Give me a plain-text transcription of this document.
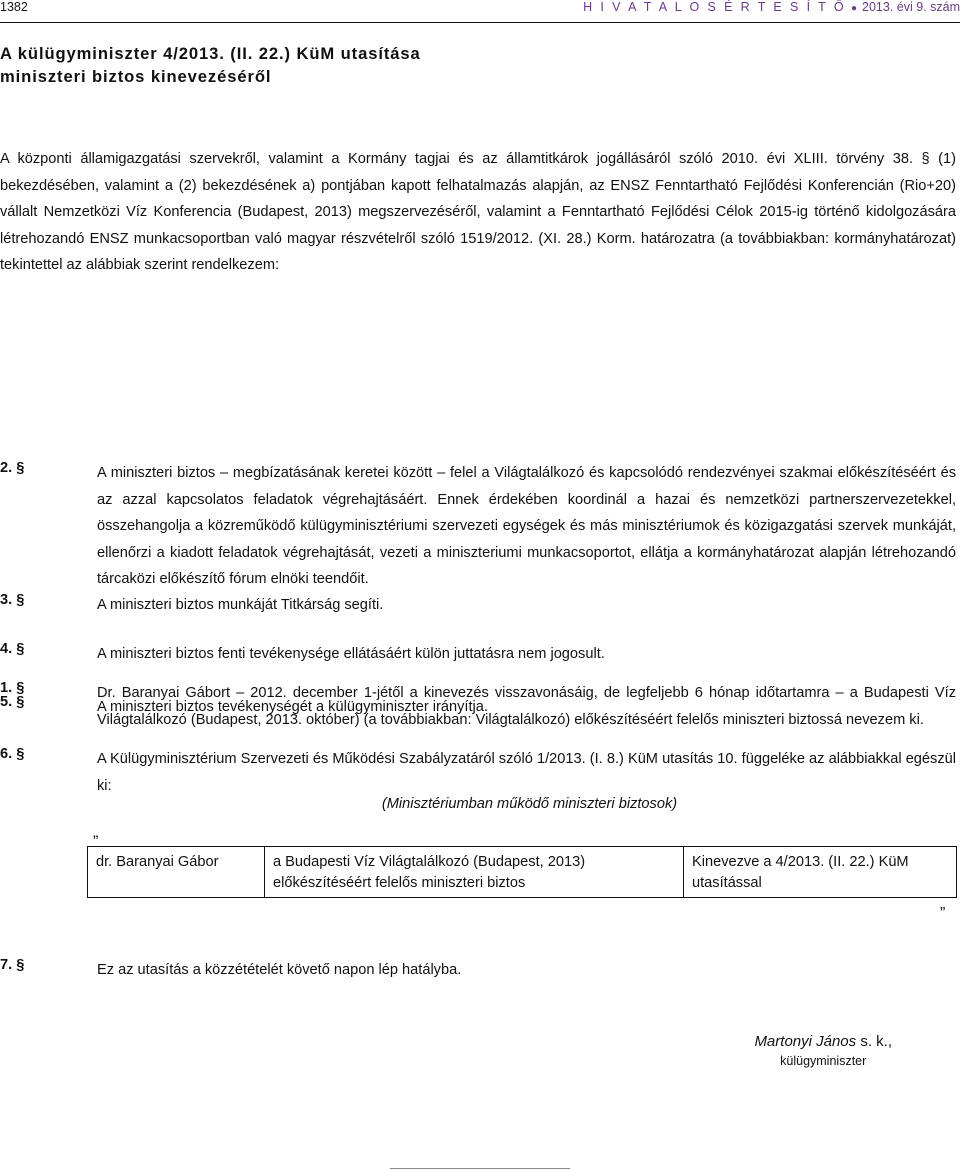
1382	H I V A T A L O S É R T E S Í T Ő ● 2013. évi 9. szám
A külügyminiszter 4/2013. (II. 22.) KüM utasítása
miniszteri biztos kinevezéséről
A központi államigazgatási szervekről, valamint a Kormány tagjai és az államtitkárok jogállásáról szóló 2010. évi XLIII. törvény 38. § (1) bekezdésében, valamint a (2) bekezdésének a) pontjában kapott felhatalmazás alapján, az ENSZ Fenntartható Fejlődési Konferencián (Rio+20) vállalt Nemzetközi Víz Konferencia (Budapest, 2013) megszervezéséről, valamint a Fenntartható Fejlődési Célok 2015-ig történő kidolgozására létrehozandó ENSZ munkacsoportban való magyar részvételről szóló 1519/2012. (XI. 28.) Korm. határozatra (a továbbiakban: kormányhatározat) tekintettel az alábbiak szerint rendelkezem:
1. §	Dr. Baranyai Gábort – 2012. december 1-jétől a kinevezés visszavonásáig, de legfeljebb 6 hónap időtartamra – a Budapesti Víz Világtalálkozó (Budapest, 2013. október) (a továbbiakban: Világtalálkozó) előkészítéséért felelős miniszteri biztossá nevezem ki.
2. §	A miniszteri biztos – megbízatásának keretei között – felel a Világtalálkozó és kapcsolódó rendezvényei szakmai előkészítéséért és az azzal kapcsolatos feladatok végrehajtásáért. Ennek érdekében koordinál a hazai és nemzetközi partnerszervezetekkel, összehangolja a közreműködő külügyminisztériumi szervezeti egységek és más minisztériumok és közigazgatási szervek munkáját, ellenőrzi a kiadott feladatok végrehajtását, vezeti a miniszteriumi munkacsoportot, ellátja a kormányhatározat alapján létrehozandó tárcaközi előkészítő fórum elnöki teendőit.
3. §	A miniszteri biztos munkáját Titkárság segíti.
4. §	A miniszteri biztos fenti tevékenysége ellátásáért külön juttatásra nem jogosult.
5. §	A miniszteri biztos tevékenységét a külügyminiszter irányítja.
6. §	A Külügyminisztérium Szervezeti és Működési Szabályzatáról szóló 1/2013. (I. 8.) KüM utasítás 10. függeléke az alábbiakkal egészül ki:
(Minisztériumban működő miniszteri biztosok)
„
dr. Baranyai Gábor	a Budapesti Víz Világtalálkozó (Budapest, 2013) előkészítéséért felelős miniszteri biztos	Kinevezve a 4/2013. (II. 22.) KüM utasítással
”
7. §	Ez az utasítás a közzétételét követő napon lép hatályba.
Martonyi János s. k.,
külügyminiszter
